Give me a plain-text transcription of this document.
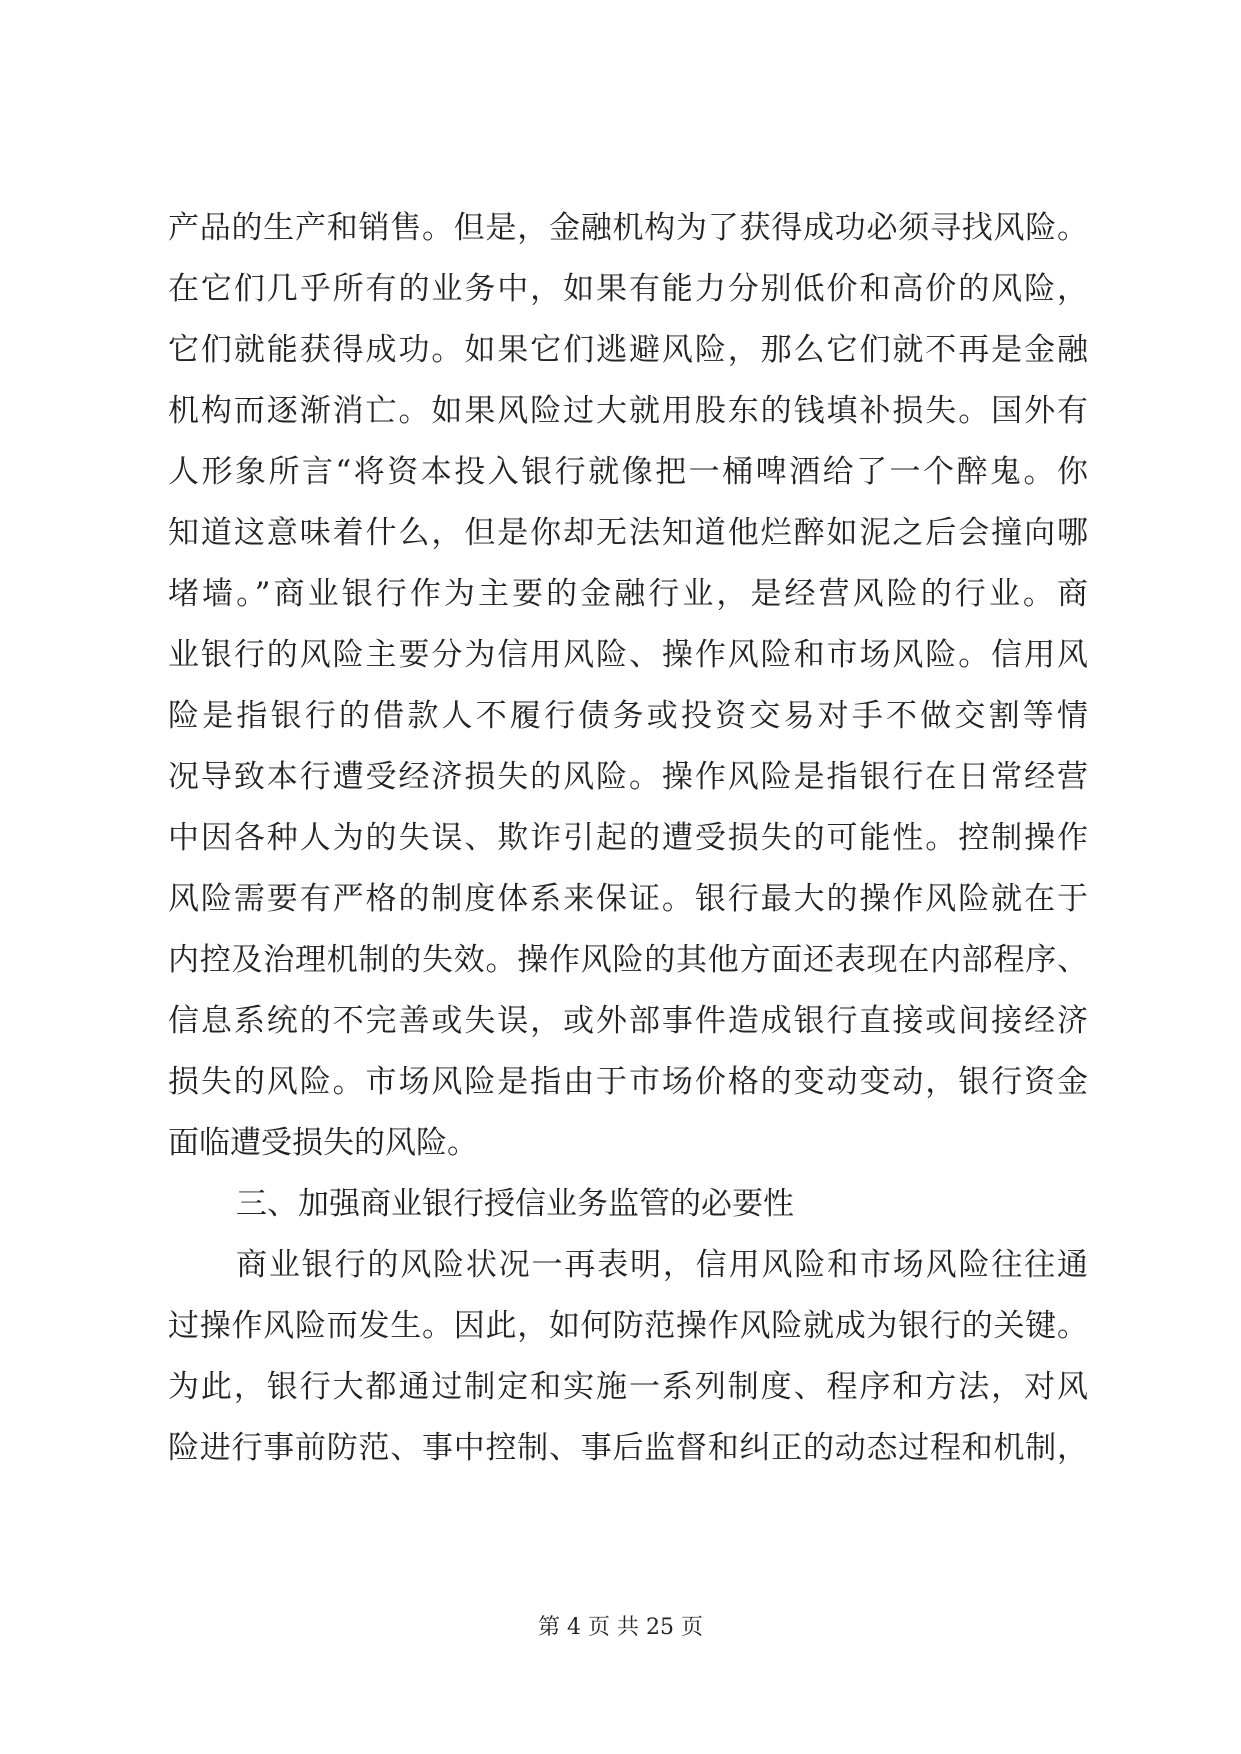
产品的生产和销售。但是，金融机构为了获得成功必须寻找风险。
在它们几乎所有的业务中，如果有能力分别低价和高价的风险，
它们就能获得成功。如果它们逃避风险，那么它们就不再是金融
机构而逐渐消亡。如果风险过大就用股东的钱填补损失。国外有
人形象所言“将资本投入银行就像把一桶啤酒给了一个醉鬼。你
知道这意味着什么，但是你却无法知道他烂醉如泥之后会撞向哪
堵墙。”商业银行作为主要的金融行业，是经营风险的行业。商
业银行的风险主要分为信用风险、操作风险和市场风险。信用风
险是指银行的借款人不履行债务或投资交易对手不做交割等情
况导致本行遭受经济损失的风险。操作风险是指银行在日常经营
中因各种人为的失误、欺诈引起的遭受损失的可能性。控制操作
风险需要有严格的制度体系来保证。银行最大的操作风险就在于
内控及治理机制的失效。操作风险的其他方面还表现在内部程序、
信息系统的不完善或失误，或外部事件造成银行直接或间接经济
损失的风险。市场风险是指由于市场价格的变动变动，银行资金
面临遭受损失的风险。
三、加强商业银行授信业务监管的必要性
商业银行的风险状况一再表明，信用风险和市场风险往往通
过操作风险而发生。因此，如何防范操作风险就成为银行的关键。
为此，银行大都通过制定和实施一系列制度、程序和方法，对风
险进行事前防范、事中控制、事后监督和纠正的动态过程和机制，
第 4 页 共 25 页
